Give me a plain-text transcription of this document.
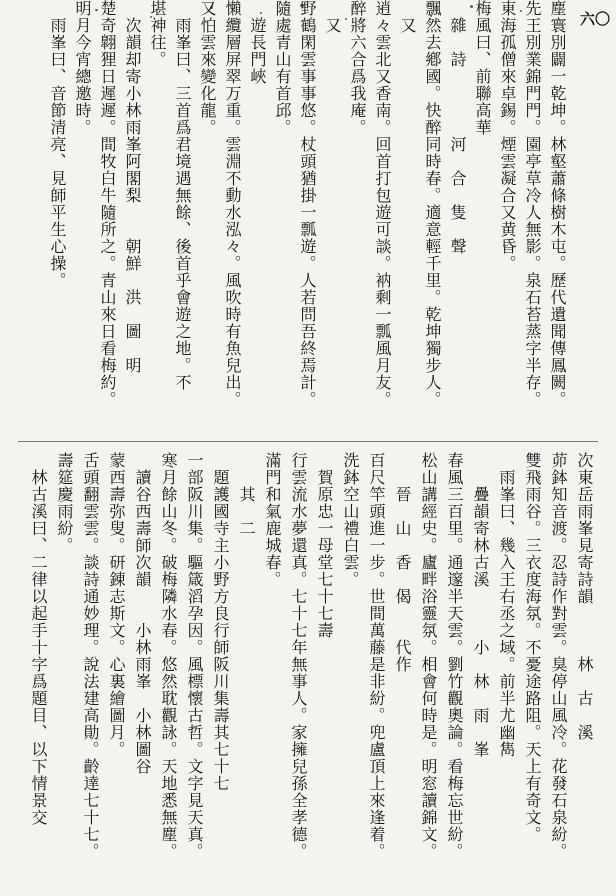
六〇
塵寰別闢一乾坤。林壑蕭條樹木屯。歷代遺聞傳鳳闕。
先王別業錦門門。園亭草冷人無影。泉石苔蒸字半存。
東海孤僧來卓錫。煙雲凝合又黄昏。
梅風曰、前聯高華
　雜　詩　　　　河　合　隻　聲
飄然去鄕國。快醉同時春。適意輕千里。乾坤獨步人。
　又
逍々雲北又香南。回首打包遊可談。衲剩一瓢風月友。
醉將六合爲我庵。
　又
野鶴閑雲事事悠。杖頭猶掛一瓢遊。人若問吾終焉計。
隨處青山有首邱。
　遊長門峽
懶纜層屏翠万重。雲淵不動水泓々。風吹時有魚兒出。
又怕雲來變化龍。
　雨峯曰、三首爲君境遇無餘、後首乎會遊之地。不
堪神往。
　次韻却寄小林雨峯阿閣梨　　朝鮮　洪　圖　明
楚奇翺狸日遲遲。間牧白牛隨所之。青山來日看梅約。
明月今宵總邀時。
　雨峯曰、音節清亮、見師平生心操。
次東岳雨峯見寄詩韻　　　林　古　溪
茆鉢知音渡。忍詩作對雲。臭停山風冷。花發石泉紛。
雙飛雨谷。三衣度海氛。不憂途路阻。天上有奇文。
　雨峯曰、幾入王右丞之域。前半尤幽雋
　　疊韻寄林古溪　　　小　林　雨　峯
春風三百里。通邃半天雲。劉竹觀奧論。看梅忘世紛。
松山講經史。廬畔浴靈氛。相會何時是。明窓讀錦文。
　　晉　山　香　偈　　代作
百尺竿頭進一步。世間萬藤是非紛。兜盧頂上來逢着。
洗鉢空山禮白雲。
　賀原忠一母堂七十七壽
行雲流水夢還真。七十七年無事人。家擁兒孫全孝德。
滿門和氣鹿城春。
　　其　二
　題護國寺主小野方良行師阪川集壽其七十七
一部阪川集。驅箴滔孕因。風標懷古哲。文字見天真。
寒月餘山冬。破梅隣水春。悠然耽觀詠。天地悉無塵。
　讀谷西壽師次韻　　小林雨峯　小林圖谷
蒙西壽弥叟。研錬志斯文。心裏繪圖月。
舌頭翻雲雲。談詩通妙理。說法建高勛。齡達七十七。
壽筵慶雨紛。
　林古溪曰、二律以起手十字爲題目、以下情景交
